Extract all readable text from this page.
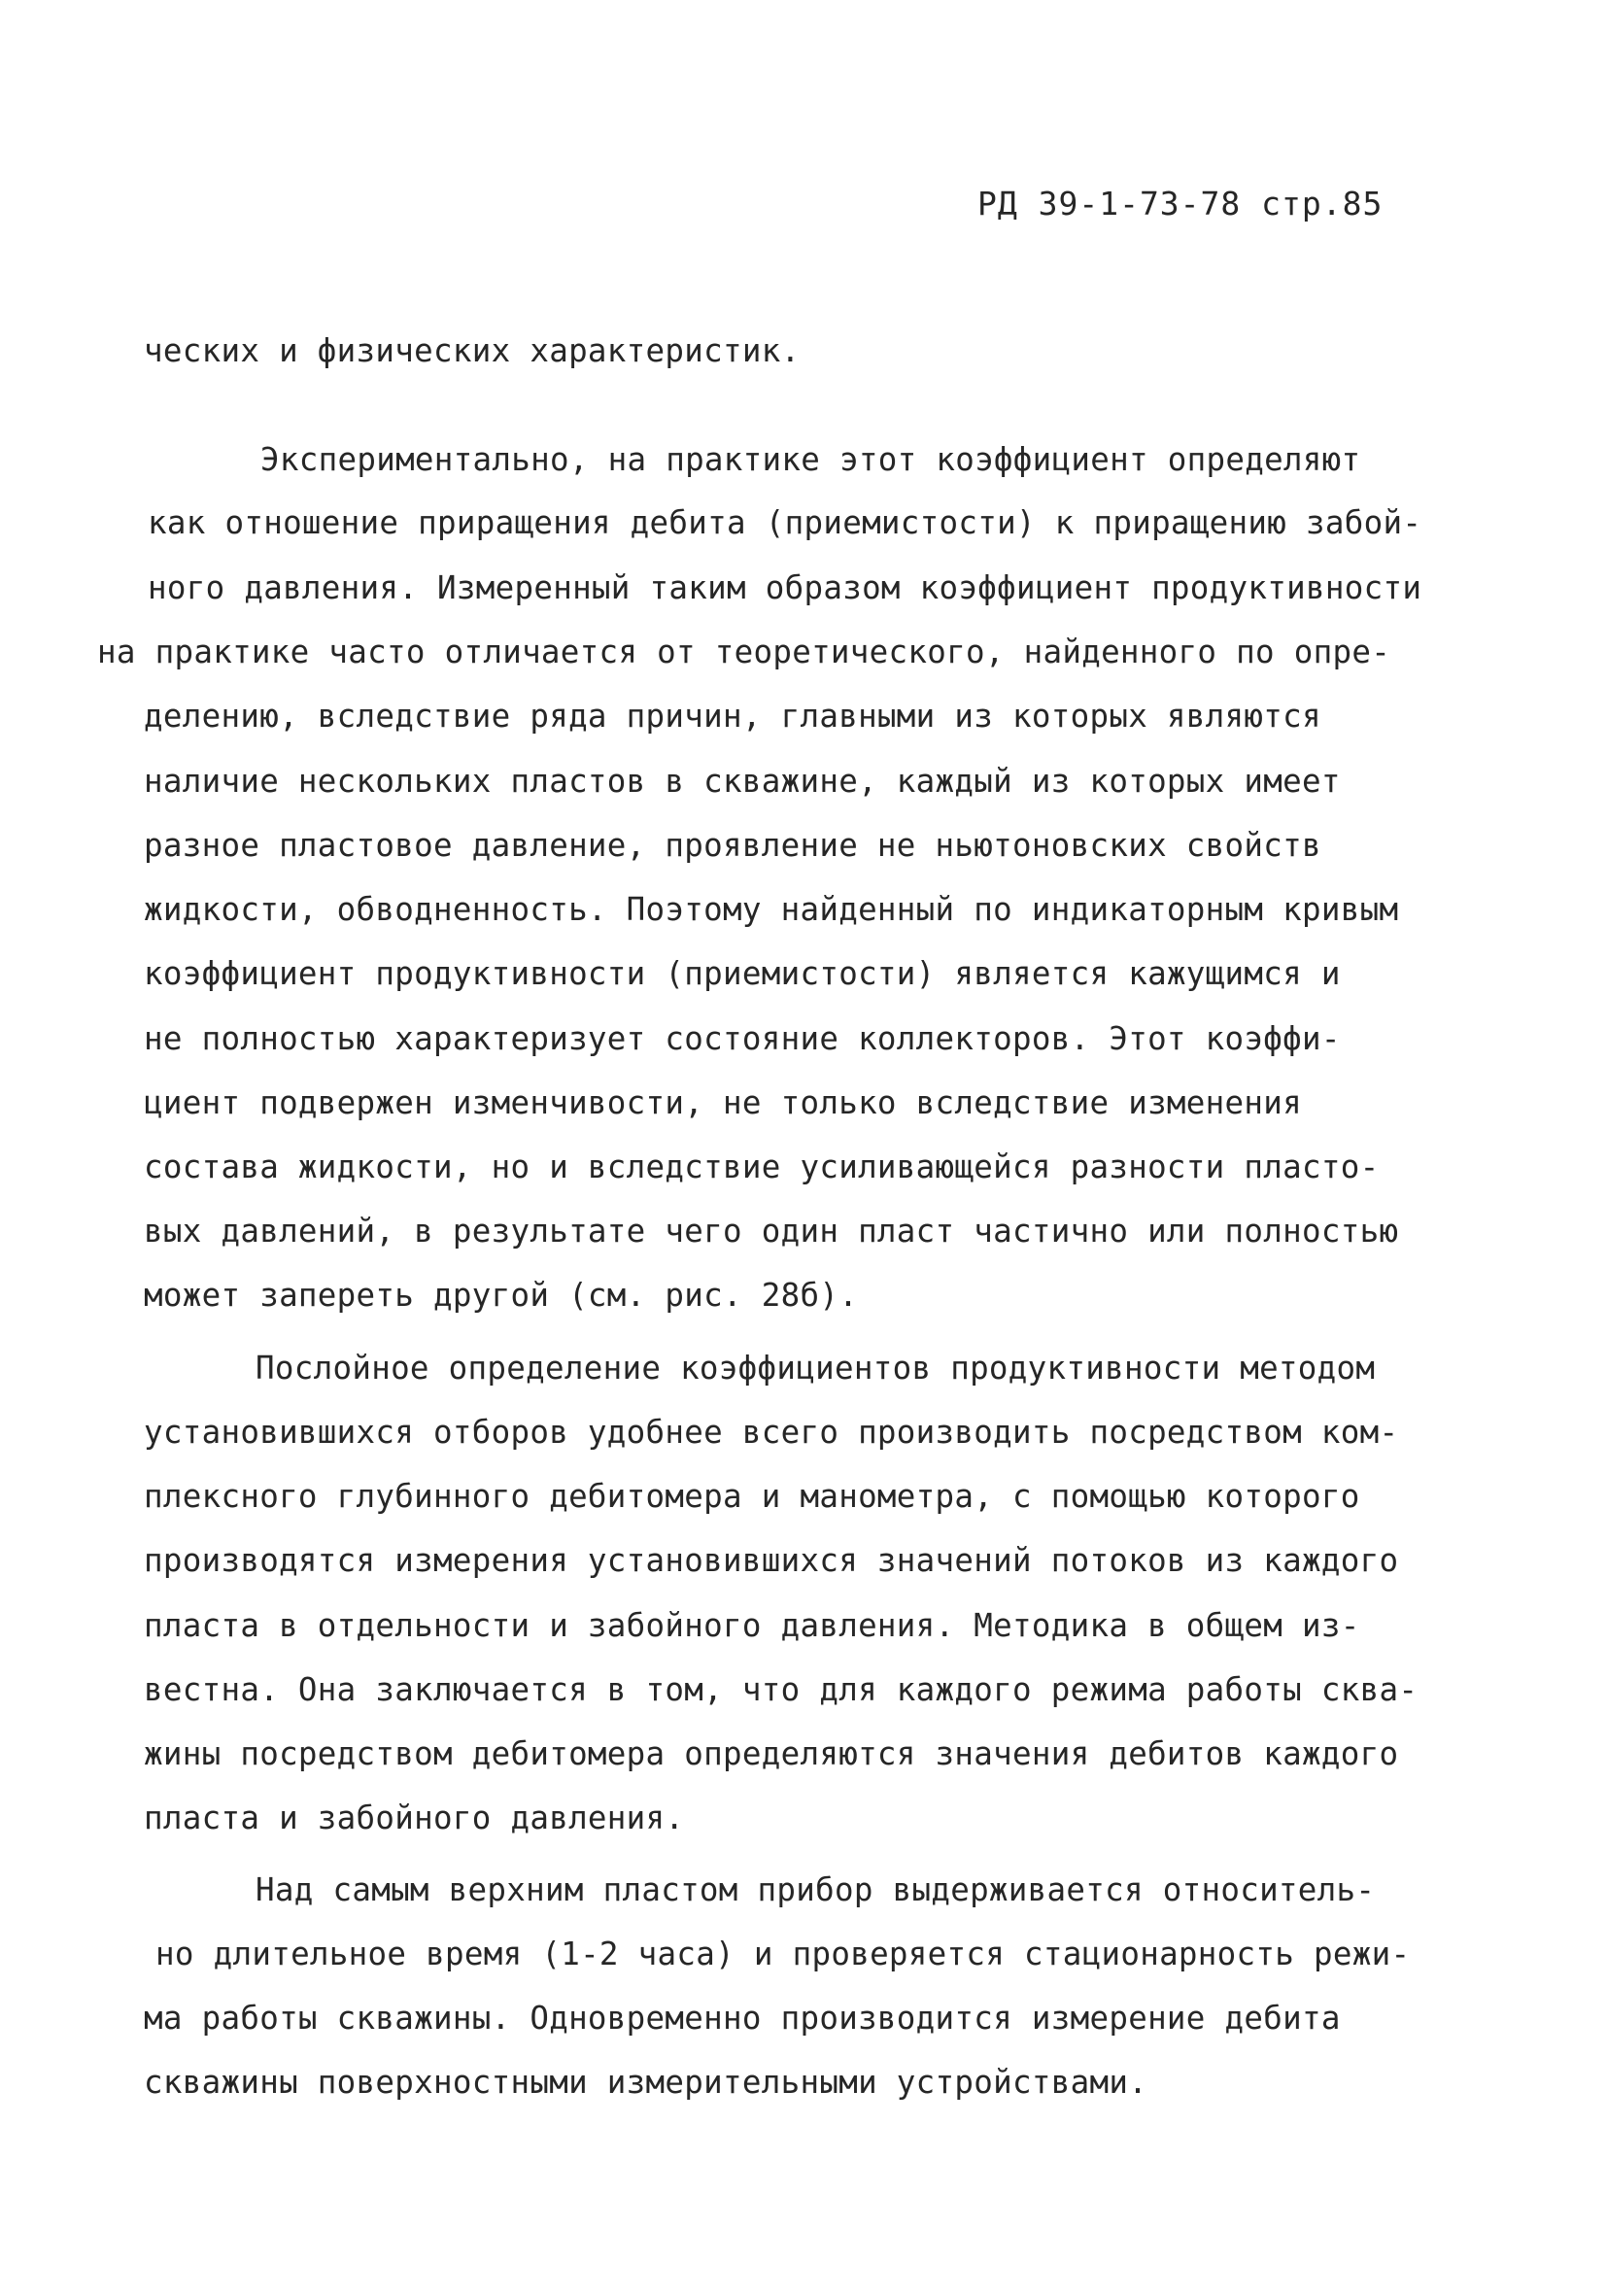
РД 39-1-73-78 стр.85
ческих и физических характеристик.
Экспериментально, на практике этот коэффициент определяют
как отношение приращения дебита (приемистости) к приращению забой-
ного давления. Измеренный таким образом коэффициент продуктивности
на практике часто отличается от теоретического, найденного по опре-
делению, вследствие ряда причин, главными из которых являются
наличие нескольких пластов в скважине, каждый из которых имеет
разное пластовое давление, проявление не ньютоновских свойств
жидкости, обводненность. Поэтому найденный по индикаторным кривым
коэффициент продуктивности (приемистости) является кажущимся и
не полностью характеризует состояние коллекторов. Этот коэффи-
циент подвержен изменчивости, не только вследствие изменения
состава жидкости, но и вследствие усиливающейся разности пласто-
вых давлений, в результате чего один пласт частично или полностью
может запереть другой (см. рис. 28б).
Послойное определение коэффициентов продуктивности методом
установившихся отборов удобнее всего производить посредством ком-
плексного глубинного дебитомера и манометра, с помощью которого
производятся измерения установившихся значений потоков из каждого
пласта в отдельности и забойного давления. Методика в общем из-
вестна. Она заключается в том, что для каждого режима работы сква-
жины посредством дебитомера определяются значения дебитов каждого
пласта и забойного давления.
Над самым верхним пластом прибор выдерживается относитель-
но длительное время (1-2 часа) и проверяется стационарность режи-
ма работы скважины. Одновременно производится измерение дебита
скважины поверхностными измерительными устройствами.
